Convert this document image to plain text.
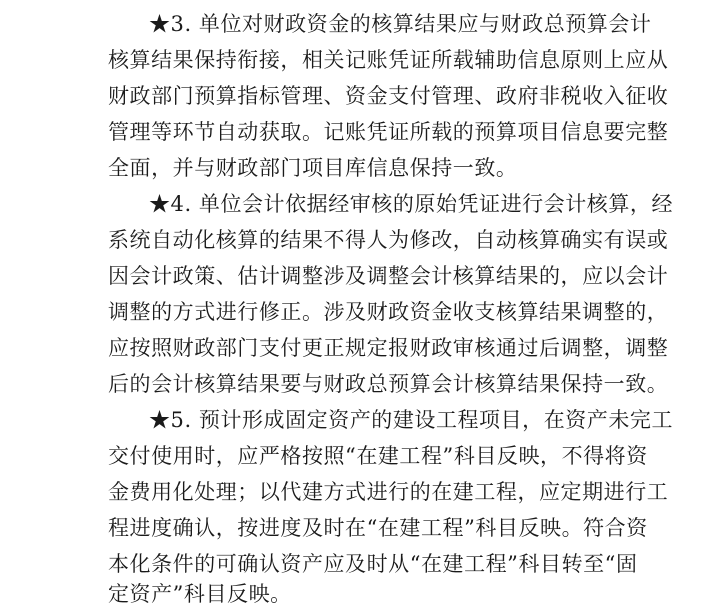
★3. 单位对财政资金的核算结果应与财政总预算会计
核算结果保持衔接，相关记账凭证所载辅助信息原则上应从
财政部门预算指标管理、资金支付管理、政府非税收入征收
管理等环节自动获取。记账凭证所载的预算项目信息要完整
全面，并与财政部门项目库信息保持一致。
★4. 单位会计依据经审核的原始凭证进行会计核算，经
系统自动化核算的结果不得人为修改，自动核算确实有误或
因会计政策、估计调整涉及调整会计核算结果的，应以会计
调整的方式进行修正。涉及财政资金收支核算结果调整的，
应按照财政部门支付更正规定报财政审核通过后调整，调整
后的会计核算结果要与财政总预算会计核算结果保持一致。
★5. 预计形成固定资产的建设工程项目，在资产未完工
交付使用时，应严格按照“在建工程”科目反映，不得将资
金费用化处理；以代建方式进行的在建工程，应定期进行工
程进度确认，按进度及时在“在建工程”科目反映。符合资
本化条件的可确认资产应及时从“在建工程”科目转至“固
定资产”科目反映。
